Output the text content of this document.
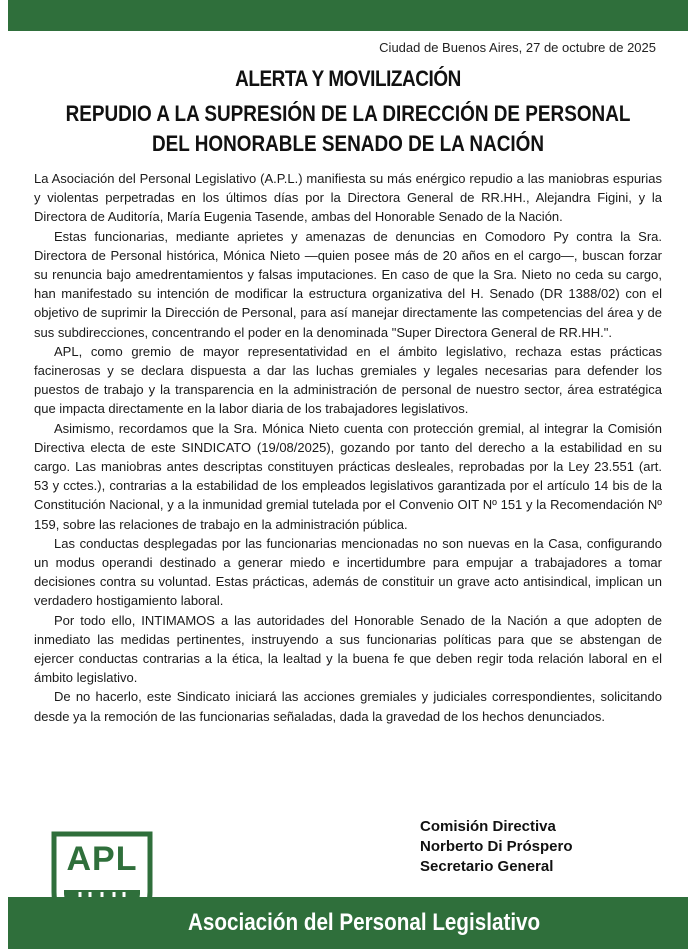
Ciudad de Buenos Aires, 27 de octubre de 2025
ALERTA Y MOVILIZACIÓN
REPUDIO A LA SUPRESIÓN DE LA DIRECCIÓN DE PERSONAL
DEL HONORABLE SENADO DE LA NACIÓN

La Asociación del Personal Legislativo (A.P.L.) manifiesta su más enérgico repudio a las maniobras espurias y violentas perpetradas en los últimos días por la Directora General de RR.HH., Alejandra Figini, y la Directora de Auditoría, María Eugenia Tasende, ambas del Honorable Senado de la Nación.

Estas funcionarias, mediante aprietes y amenazas de denuncias en Comodoro Py contra la Sra. Directora de Personal histórica, Mónica Nieto —quien posee más de 20 años en el cargo—, buscan forzar su renuncia bajo amedrentamientos y falsas imputaciones. En caso de que la Sra. Nieto no ceda su cargo, han manifestado su intención de modificar la estructura organizativa del H. Senado (DR 1388/02) con el objetivo de suprimir la Dirección de Personal, para así manejar directamente las competencias del área y de sus subdirecciones, concentrando el poder en la denominada "Super Directora General de RR.HH.".

APL, como gremio de mayor representatividad en el ámbito legislativo, rechaza estas prácticas facinerosas y se declara dispuesta a dar las luchas gremiales y legales necesarias para defender los puestos de trabajo y la transparencia en la administración de personal de nuestro sector, área estratégica que impacta directamente en la labor diaria de los trabajadores legislativos.

Asimismo, recordamos que la Sra. Mónica Nieto cuenta con protección gremial, al integrar la Comisión Directiva electa de este SINDICATO (19/08/2025), gozando por tanto del derecho a la estabilidad en su cargo. Las maniobras antes descriptas constituyen prácticas desleales, reprobadas por la Ley 23.551 (art. 53 y cctes.), contrarias a la estabilidad de los empleados legislativos garantizada por el artículo 14 bis de la Constitución Nacional, y a la inmunidad gremial tutelada por el Convenio OIT Nº 151 y la Recomendación Nº 159, sobre las relaciones de trabajo en la administración pública.

Las conductas desplegadas por las funcionarias mencionadas no son nuevas en la Casa, configurando un modus operandi destinado a generar miedo e incertidumbre para empujar a trabajadores a tomar decisiones contra su voluntad. Estas prácticas, además de constituir un grave acto antisindical, implican un verdadero hostigamiento laboral.

Por todo ello, INTIMAMOS a las autoridades del Honorable Senado de la Nación a que adopten de inmediato las medidas pertinentes, instruyendo a sus funcionarias políticas para que se abstengan de ejercer conductas contrarias a la ética, la lealtad y la buena fe que deben regir toda relación laboral en el ámbito legislativo.

De no hacerlo, este Sindicato iniciará las acciones gremiales y judiciales correspondientes, solicitando desde ya la remoción de las funcionarias señaladas, dada la gravedad de los hechos denunciados.

APL
Comisión Directiva
Norberto Di Próspero
Secretario General
Asociación del Personal Legislativo
